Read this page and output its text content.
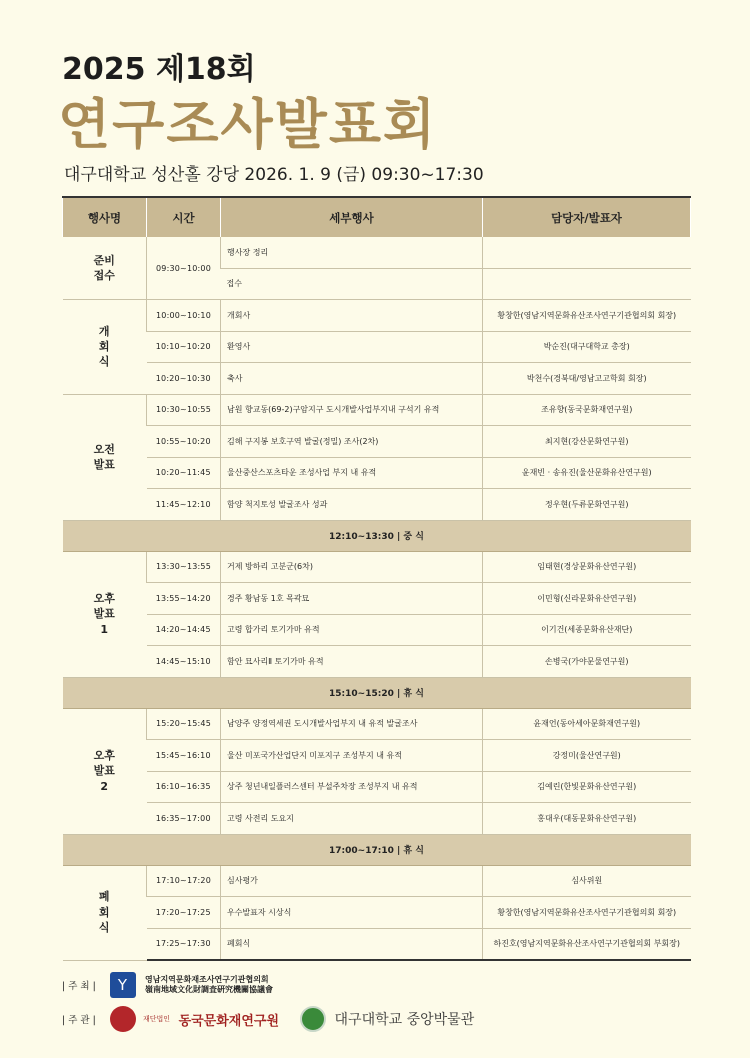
2025 제18회
연구조사발표회
대구대학교 성산홀 강당 2026. 1. 9 (금) 09:30~17:30
행사명	시간	세부행사	담당자/발표자
준비
접수	09:30~10:00	행사장 정리	
		접수	
개
회
식	10:00~10:10	개회사	황창한(영남지역문화유산조사연구기관협의회 회장)
	10:10~10:20	환영사	박순진(대구대학교 총장)
	10:20~10:30	축사	박천수(경북대/영남고고학회 회장)
오전
발표	10:30~10:55	남원 향교동(69-2)구암지구 도시개발사업부지내 구석기 유적	조유향(동국문화재연구원)
	10:55~10:20	김해 구지봉 보호구역 발굴(정밀) 조사(2차)	최지현(강산문화연구원)
	10:20~11:45	울산중산스포츠타운 조성사업 부지 내 유적	윤재빈 · 송유진(울산문화유산연구원)
	11:45~12:10	함양 척지토성 발굴조사 성과	정우현(두류문화연구원)
12:10~13:30 | 중 식			
오후
발표
1	13:30~13:55	거제 방하리 고분군(6차)	임태현(경상문화유산연구원)
	13:55~14:20	경주 황남동 1호 목곽묘	이민형(신라문화유산연구원)
	14:20~14:45	고령 합가리 토기가마 유적	이기건(세종문화유산재단)
	14:45~15:10	함안 묘사리Ⅱ 토기가마 유적	손병국(가야문물연구원)
15:10~15:20 | 휴 식			
오후
발표
2	15:20~15:45	남양주 양정역세권 도시개발사업부지 내 유적 발굴조사	윤재언(동아세아문화재연구원)
	15:45~16:10	울산 미포국가산업단지 미포지구 조성부지 내 유적	강정미(울산연구원)
	16:10~16:35	상주 청년내일플러스센터 부설주차장 조성부지 내 유적	김예린(한빛문화유산연구원)
	16:35~17:00	고령 사전리 도요지	홍대우(대동문화유산연구원)
17:00~17:10 | 휴 식			
폐
회
식	17:10~17:20	심사평가	심사위원
	17:20~17:25	우수발표자 시상식	황창한(영남지역문화유산조사연구기관협의회 회장)
	17:25~17:30	폐회식	하진호(영남지역문화유산조사연구기관협의회 부회장)
| 주 최 | Y 영남지역문화재조사연구기관협의회
嶺南地域文化財調査硏究機關協議會
| 주 관 |	재단법인 동국문화재연구원	대구대학교 중앙박물관
